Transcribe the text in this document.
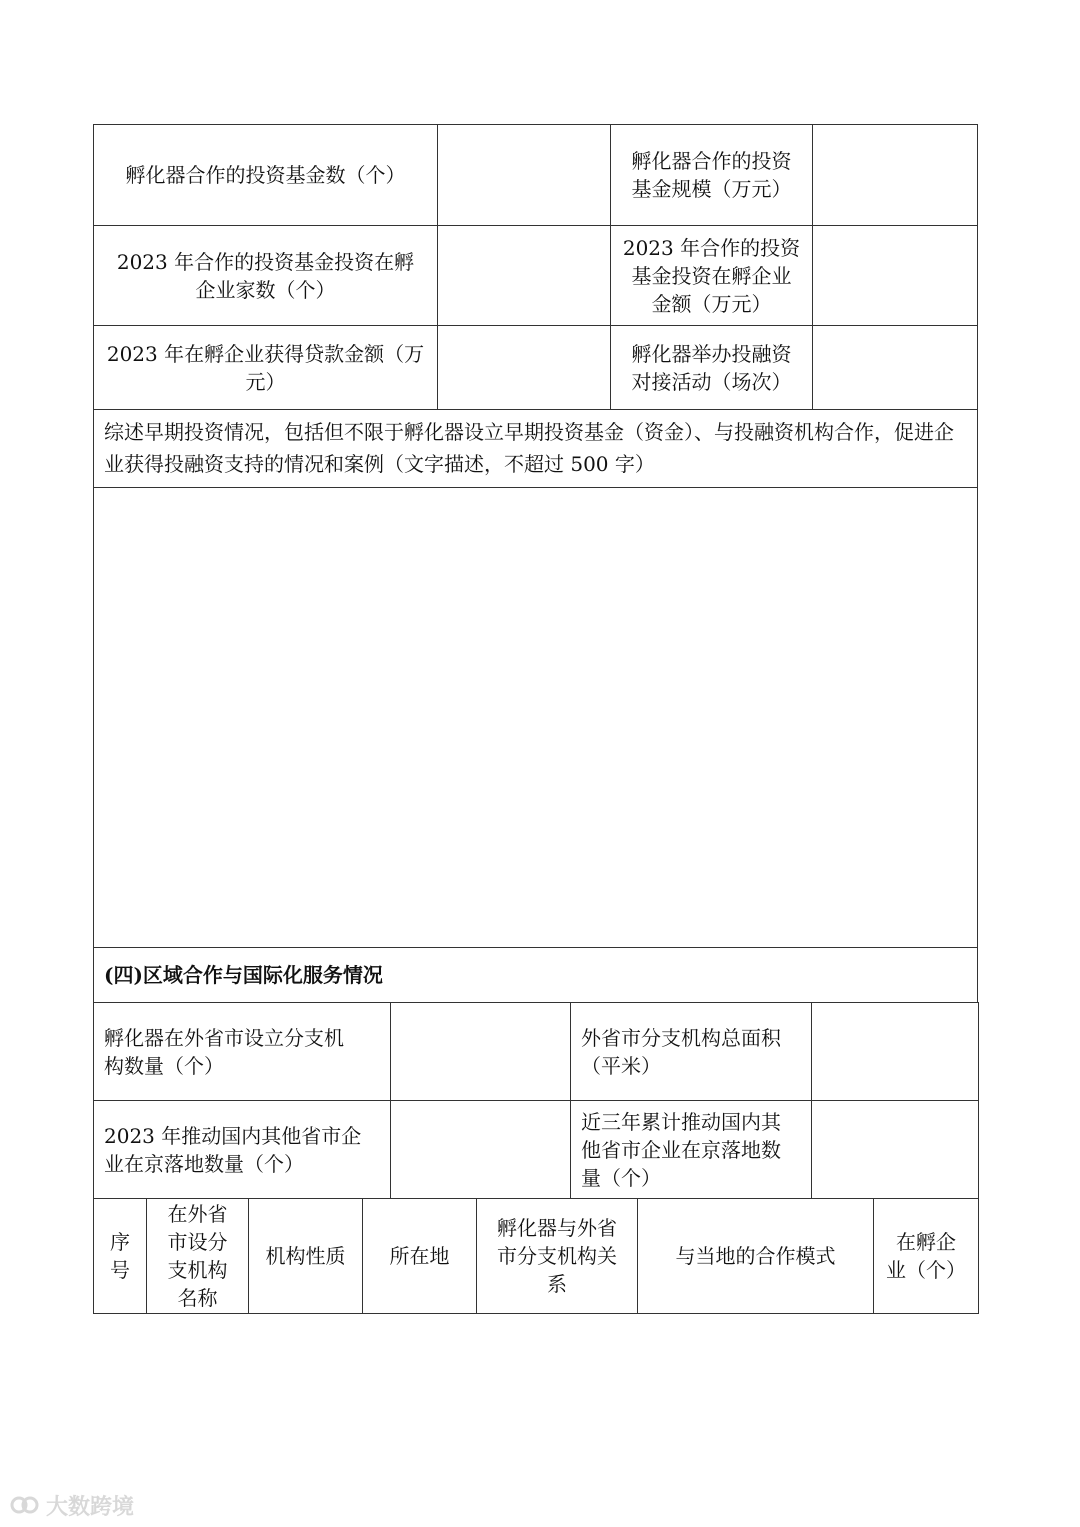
孵化器合作的投资基金数（个）
孵化器合作的投资
基金规模（万元）
2023 年合作的投资基金投资在孵
企业家数（个）
2023 年合作的投资
基金投资在孵企业
金额（万元）
2023 年在孵企业获得贷款金额（万
元）
孵化器举办投融资
对接活动（场次）
综述早期投资情况，包括但不限于孵化器设立早期投资基金（资金）、与投融资机构合作，促进企业获得投融资支持的情况和案例（文字描述，不超过 500 字）
(四)区域合作与国际化服务情况
孵化器在外省市设立分支机
构数量（个）
外省市分支机构总面积
（平米）
2023 年推动国内其他省市企
业在京落地数量（个）
近三年累计推动国内其
他省市企业在京落地数
量（个）
序
号
在外省
市设分
支机构
名称
机构性质	所在地
孵化器与外省
市分支机构关
系
与当地的合作模式
在孵企
业（个）
大数跨境
